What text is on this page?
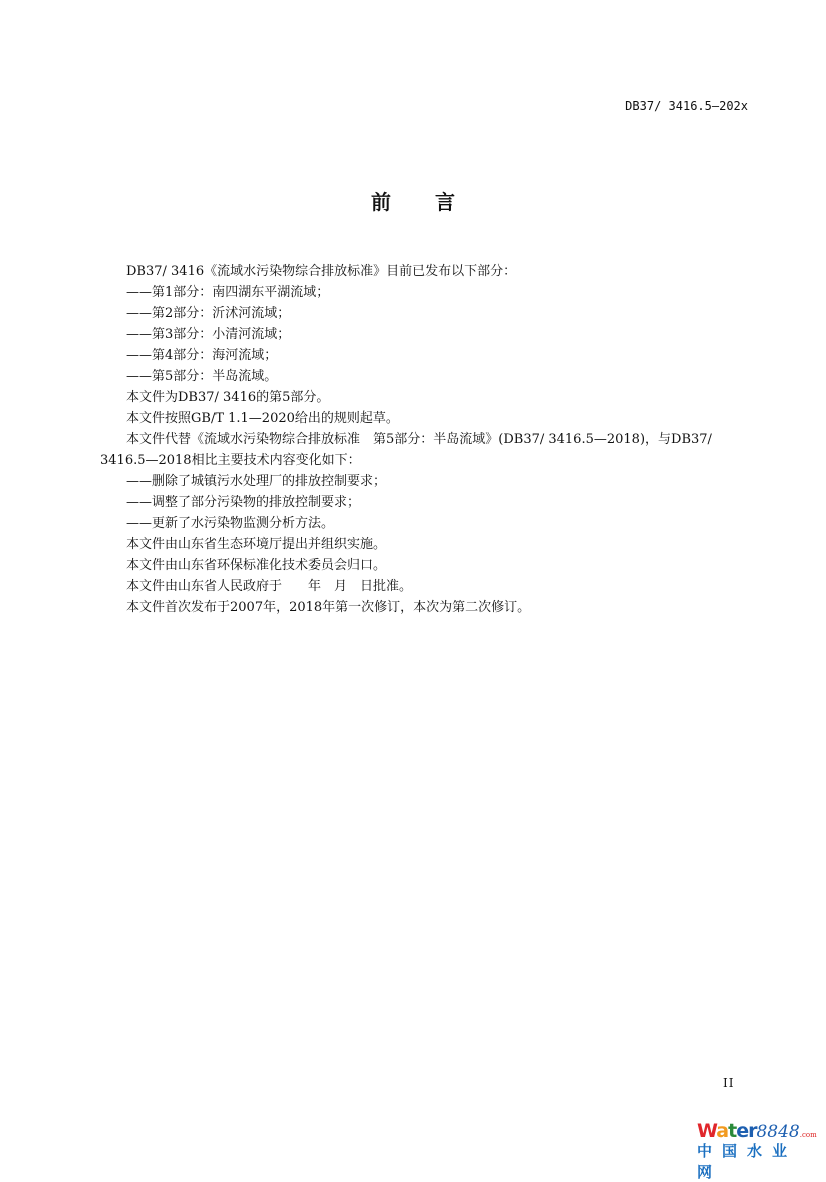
DB37/ 3416.5—202x
前言
DB37/ 3416《流域水污染物综合排放标准》目前已发布以下部分：
——第1部分：南四湖东平湖流域；
——第2部分：沂沭河流域；
——第3部分：小清河流域；
——第4部分：海河流域；
——第5部分：半岛流域。
本文件为DB37/ 3416的第5部分。
本文件按照GB/T 1.1—2020给出的规则起草。
本文件代替《流域水污染物综合排放标准　第5部分：半岛流域》(DB37/ 3416.5—2018)，与DB37/
3416.5—2018相比主要技术内容变化如下：
——删除了城镇污水处理厂的排放控制要求；
——调整了部分污染物的排放控制要求；
——更新了水污染物监测分析方法。
本文件由山东省生态环境厅提出并组织实施。
本文件由山东省环保标准化技术委员会归口。
本文件由山东省人民政府于　　年　月　日批准。
本文件首次发布于2007年，2018年第一次修订，本次为第二次修订。
II
Water8848.com
中国水业网
